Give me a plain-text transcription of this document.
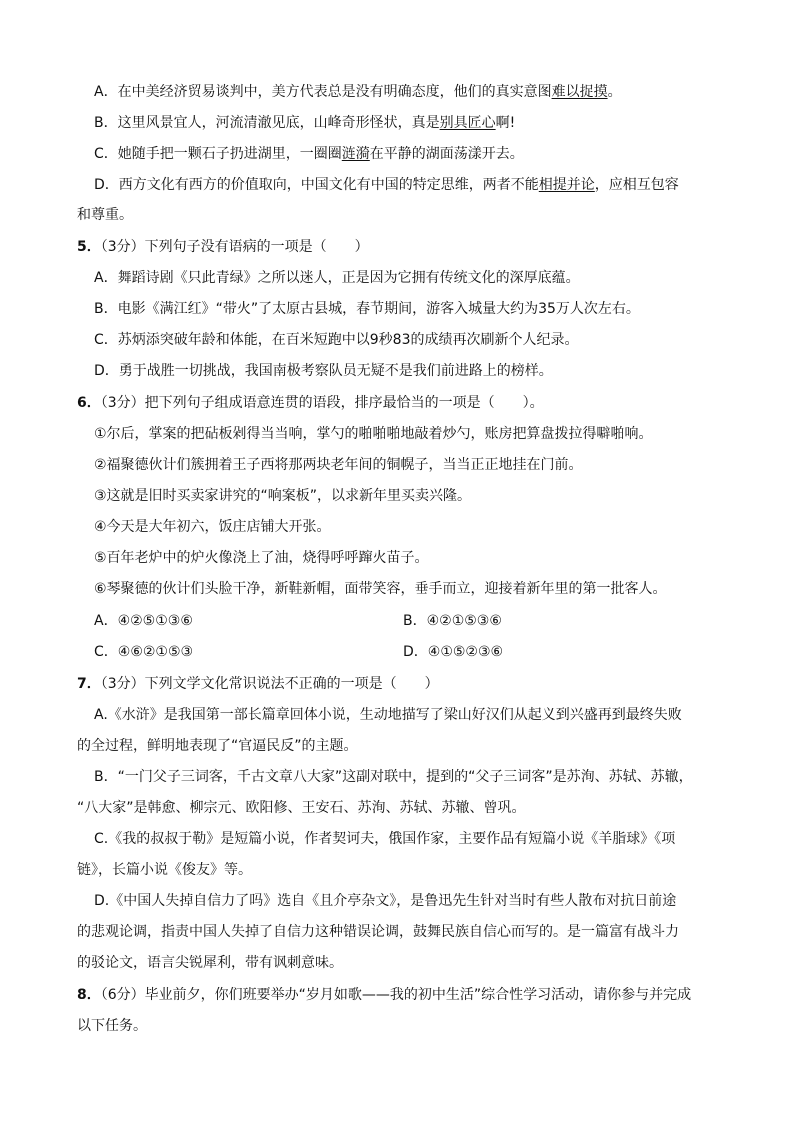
A．在中美经济贸易谈判中，美方代表总是没有明确态度，他们的真实意图难以捉摸。
B．这里风景宜人，河流清澈见底，山峰奇形怪状，真是别具匠心啊!
C．她随手把一颗石子扔进湖里，一圈圈涟漪在平静的湖面荡漾开去。
D．西方文化有西方的价值取向，中国文化有中国的特定思维，两者不能相提并论，应相互包容
和尊重。
5．（3分）下列句子没有语病的一项是（　　）
A．舞蹈诗剧《只此青绿》之所以迷人，正是因为它拥有传统文化的深厚底蕴。
B．电影《满江红》“带火”了太原古县城，春节期间，游客入城量大约为35万人次左右。
C．苏炳添突破年龄和体能，在百米短跑中以9秒83的成绩再次刷新个人纪录。
D．勇于战胜一切挑战，我国南极考察队员无疑不是我们前进路上的榜样。
6．（3分）把下列句子组成语意连贯的语段，排序最恰当的一项是（　　）。
①尔后，掌案的把砧板剁得当当响，掌勺的啪啪啪地敲着炒勺，账房把算盘拨拉得噼啪响。
②福聚德伙计们簇拥着王子西将那两块老年间的铜幌子，当当正正地挂在门前。
③这就是旧时买卖家讲究的“响案板”，以求新年里买卖兴隆。
④今天是大年初六，饭庄店铺大开张。
⑤百年老炉中的炉火像浇上了油，烧得呼呼蹿火苗子。
⑥琴聚德的伙计们头脸干净，新鞋新帽，面带笑容，垂手而立，迎接着新年里的第一批客人。
A．④②⑤①③⑥	B．④②①⑤③⑥
C．④⑥②①⑤③	D．④①⑤②③⑥
7．（3分）下列文学文化常识说法不正确的一项是（　　）
A.《水浒》是我国第一部长篇章回体小说，生动地描写了梁山好汉们从起义到兴盛再到最终失败
的全过程，鲜明地表现了“官逼民反”的主题。
B．“一门父子三词客，千古文章八大家”这副对联中，提到的“父子三词客”是苏洵、苏轼、苏辙，
“八大家”是韩愈、柳宗元、欧阳修、王安石、苏洵、苏轼、苏辙、曾巩。
C.《我的叔叔于勒》是短篇小说，作者契诃夫，俄国作家，主要作品有短篇小说《羊脂球》《项
链》，长篇小说《俊友》等。
D.《中国人失掉自信力了吗》选自《且介亭杂文》，是鲁迅先生针对当时有些人散布对抗日前途
的悲观论调，指责中国人失掉了自信力这种错误论调，鼓舞民族自信心而写的。是一篇富有战斗力
的驳论文，语言尖锐犀利，带有讽刺意味。
8．（6分）毕业前夕，你们班要举办“岁月如歌——我的初中生活”综合性学习活动，请你参与并完成
以下任务。
